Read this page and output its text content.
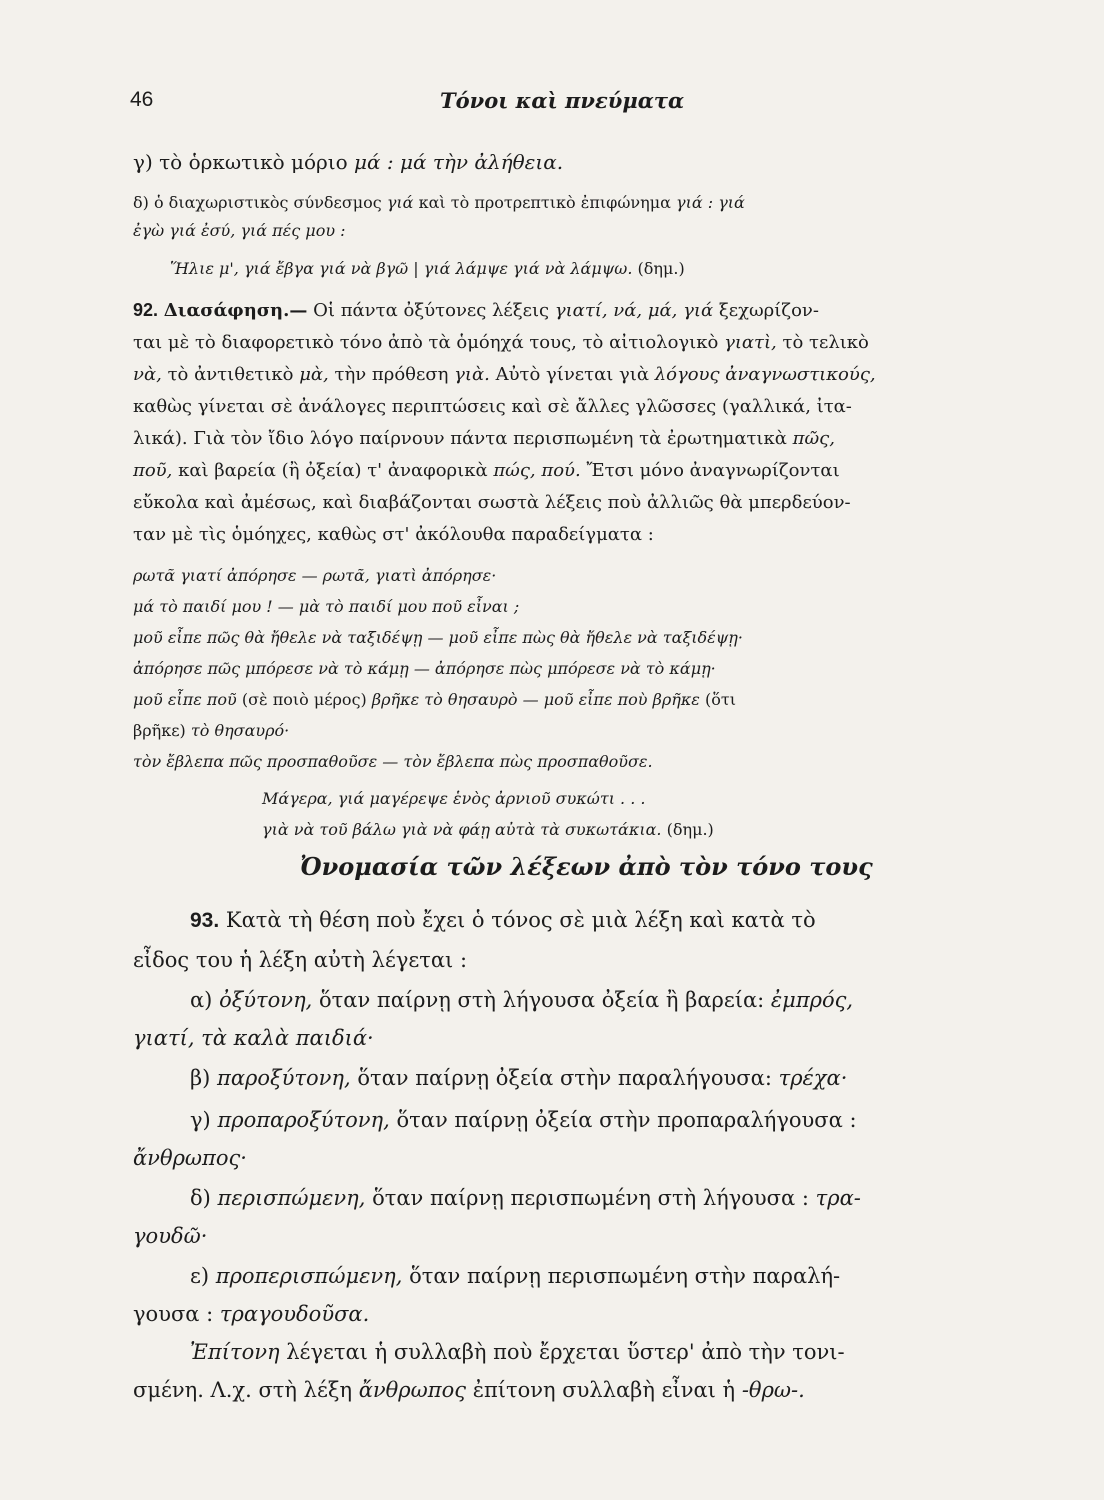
46	Τόνοι καὶ πνεύματα
γ) τὸ ὁρκωτικὸ μόριο μά : μά τὴν ἀλήθεια.
δ) ὁ διαχωριστικὸς σύνδεσμος γιά καὶ τὸ προτρεπτικὸ ἐπιφώνημα γιά : γιά
ἐγὼ γιά ἐσύ, γιά πές μου :
Ἥλιε μ', γιά ἔβγα γιά νὰ βγῶ | γιά λάμψε γιά νὰ λάμψω. (δημ.)
92. Διασάφηση.— Οἱ πάντα ὀξύτονες λέξεις γιατί, νά, μά, γιά ξεχωρίζον-
ται μὲ τὸ διαφορετικὸ τόνο ἀπὸ τὰ ὁμόηχά τους, τὸ αἰτιολογικὸ γιατὶ, τὸ τελικὸ
νὰ, τὸ ἀντιθετικὸ μὰ, τὴν πρόθεση γιὰ. Αὐτὸ γίνεται γιὰ λόγους ἀναγνωστικούς,
καθὼς γίνεται σὲ ἀνάλογες περιπτώσεις καὶ σὲ ἄλλες γλῶσσες (γαλλικά, ἰτα-
λικά). Γιὰ τὸν ἴδιο λόγο παίρνουν πάντα περισπωμένη τὰ ἐρωτηματικὰ πῶς,
ποῦ, καὶ βαρεία (ἢ ὀξεία) τ' ἀναφορικὰ πώς, πού. Ἔτσι μόνο ἀναγνωρίζονται
εὔκολα καὶ ἀμέσως, καὶ διαβάζονται σωστὰ λέξεις ποὺ ἀλλιῶς θὰ μπερδεύον-
ταν μὲ τὶς ὁμόηχες, καθὼς στ' ἀκόλουθα παραδείγματα :
ρωτᾶ γιατί ἀπόρησε — ρωτᾶ, γιατὶ ἀπόρησε·
μά τὸ παιδί μου ! — μὰ τὸ παιδί μου ποῦ εἶναι ;
μοῦ εἶπε πῶς θὰ ἤθελε νὰ ταξιδέψῃ — μοῦ εἶπε πὼς θὰ ἤθελε νὰ ταξιδέψῃ·
ἀπόρησε πῶς μπόρεσε νὰ τὸ κάμῃ — ἀπόρησε πὼς μπόρεσε νὰ τὸ κάμῃ·
μοῦ εἶπε ποῦ (σὲ ποιὸ μέρος) βρῆκε τὸ θησαυρὸ — μοῦ εἶπε ποὺ βρῆκε (ὅτι
βρῆκε) τὸ θησαυρό·
τὸν ἔβλεπα πῶς προσπαθοῦσε — τὸν ἔβλεπα πὼς προσπαθοῦσε.
Μάγερα, γιά μαγέρεψε ἑνὸς ἀρνιοῦ συκώτι . . .
γιὰ νὰ τοῦ βάλω γιὰ νὰ φάῃ αὐτὰ τὰ συκωτάκια. (δημ.)
Ὀνομασία τῶν λέξεων ἀπὸ τὸν τόνο τους
93. Κατὰ τὴ θέση ποὺ ἔχει ὁ τόνος σὲ μιὰ λέξη καὶ κατὰ τὸ
εἶδος του ἡ λέξη αὐτὴ λέγεται :
α) ὀξύτονη, ὅταν παίρνῃ στὴ λήγουσα ὀξεία ἢ βαρεία: ἐμπρός,
γιατί, τὰ καλὰ παιδιά·
β) παροξύτονη, ὅταν παίρνῃ ὀξεία στὴν παραλήγουσα: τρέχα·
γ) προπαροξύτονη, ὅταν παίρνῃ ὀξεία στὴν προπαραλήγουσα :
ἄνθρωπος·
δ) περισπώμενη, ὅταν παίρνῃ περισπωμένη στὴ λήγουσα : τρα-
γουδῶ·
ε) προπερισπώμενη, ὅταν παίρνῃ περισπωμένη στὴν παραλή-
γουσα : τραγουδοῦσα.
Ἐπίτονη λέγεται ἡ συλλαβὴ ποὺ ἔρχεται ὕστερ' ἀπὸ τὴν τονι-
σμένη. Λ.χ. στὴ λέξη ἄνθρωπος ἐπίτονη συλλαβὴ εἶναι ἡ -θρω-.
